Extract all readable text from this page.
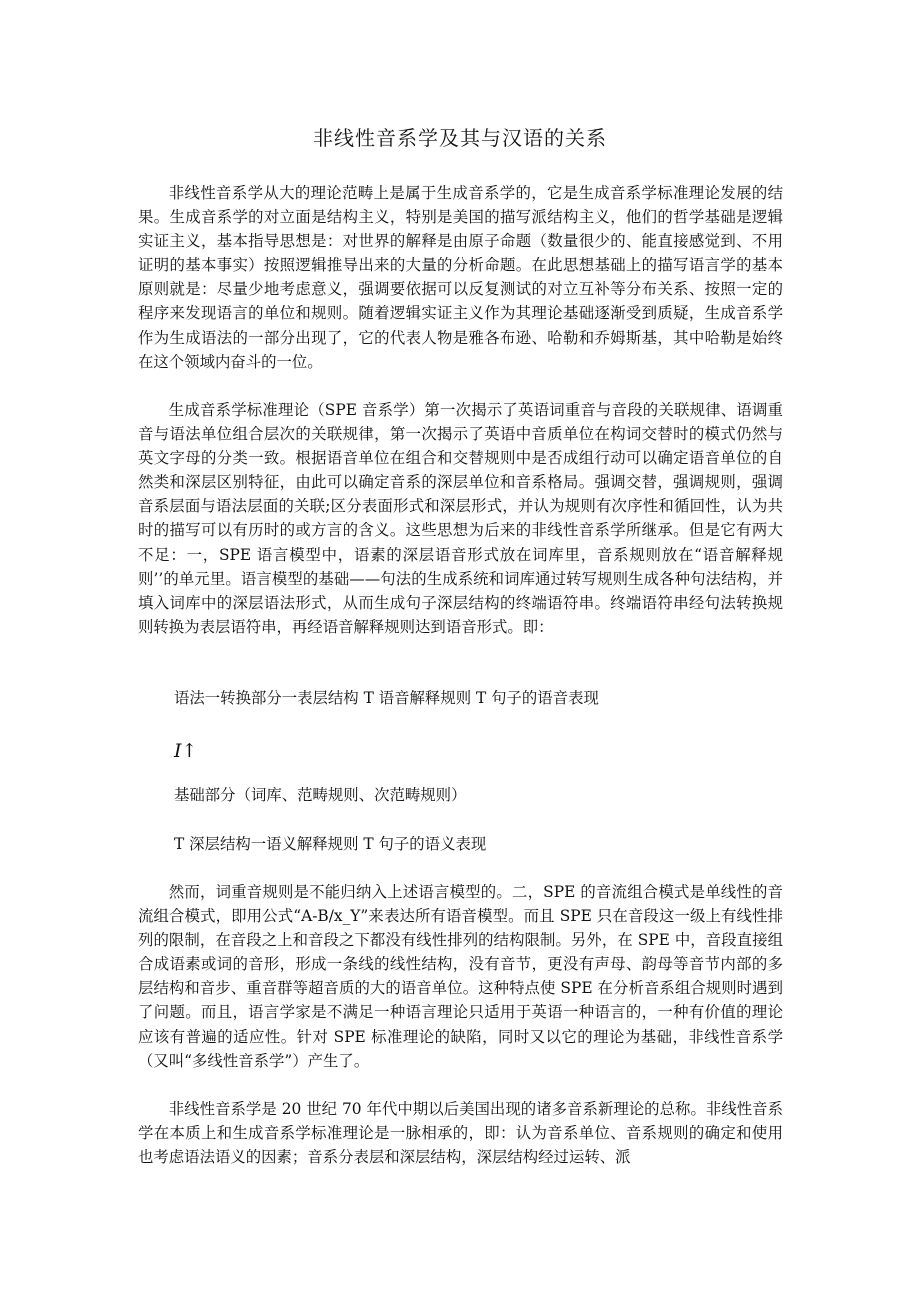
非线性音系学及其与汉语的关系

非线性音系学从大的理论范畴上是属于生成音系学的，它是生成音系学标准理论发展的结果。生成音系学的对立面是结构主义，特别是美国的描写派结构主义，他们的哲学基础是逻辑实证主义，基本指导思想是：对世界的解释是由原子命题（数量很少的、能直接感觉到、不用证明的基本事实）按照逻辑推导出来的大量的分析命题。在此思想基础上的描写语言学的基本原则就是：尽量少地考虑意义，强调要依据可以反复测试的对立互补等分布关系、按照一定的程序来发现语言的单位和规则。随着逻辑实证主义作为其理论基础逐渐受到质疑，生成音系学作为生成语法的一部分出现了，它的代表人物是雅各布逊、哈勒和乔姆斯基，其中哈勒是始终在这个领域内奋斗的一位。

生成音系学标准理论（SPE 音系学）第一次揭示了英语词重音与音段的关联规律、语调重音与语法单位组合层次的关联规律，第一次揭示了英语中音质单位在构词交替时的模式仍然与英文字母的分类一致。根据语音单位在组合和交替规则中是否成组行动可以确定语音单位的自然类和深层区别特征，由此可以确定音系的深层单位和音系格局。强调交替，强调规则，强调音系层面与语法层面的关联;区分表面形式和深层形式，并认为规则有次序性和循回性，认为共时的描写可以有历时的或方言的含义。这些思想为后来的非线性音系学所继承。但是它有两大不足：一，SPE 语言模型中，语素的深层语音形式放在词库里，音系规则放在“语音解释规则’’的单元里。语言模型的基础——句法的生成系统和词库通过转写规则生成各种句法结构，并填入词库中的深层语法形式，从而生成句子深层结构的终端语符串。终端语符串经句法转换规则转换为表层语符串，再经语音解释规则达到语音形式。即：

语法一转换部分一表层结构 T 语音解释规则 T 句子的语音表现

I↑

基础部分（词库、范畴规则、次范畴规则）

T 深层结构一语义解释规则 T 句子的语义表现

然而，词重音规则是不能归纳入上述语言模型的。二，SPE 的音流组合模式是单线性的音流组合模式，即用公式“A-B/x_Y”来表达所有语音模型。而且 SPE 只在音段这一级上有线性排列的限制，在音段之上和音段之下都没有线性排列的结构限制。另外，在 SPE 中，音段直接组合成语素或词的音形，形成一条线的线性结构，没有音节，更没有声母、韵母等音节内部的多层结构和音步、重音群等超音质的大的语音单位。这种特点使 SPE 在分析音系组合规则时遇到了问题。而且，语言学家是不满足一种语言理论只适用于英语一种语言的，一种有价值的理论应该有普遍的适应性。针对 SPE 标准理论的缺陷，同时又以它的理论为基础，非线性音系学（又叫“多线性音系学”）产生了。

非线性音系学是 20 世纪 70 年代中期以后美国出现的诸多音系新理论的总称。非线性音系学在本质上和生成音系学标准理论是一脉相承的，即：认为音系单位、音系规则的确定和使用也考虑语法语义的因素；音系分表层和深层结构，深层结构经过运转、派
